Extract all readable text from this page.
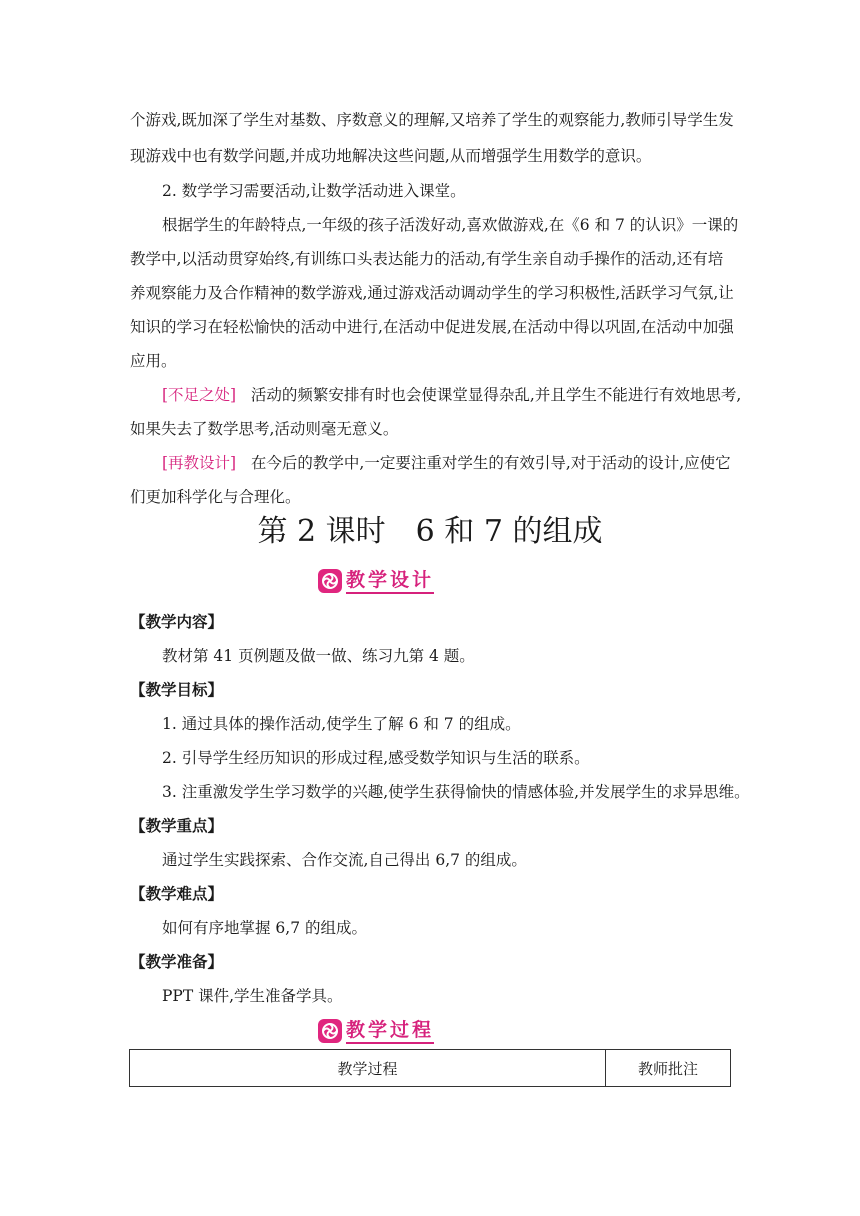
个游戏,既加深了学生对基数、序数意义的理解,又培养了学生的观察能力,教师引导学生发
现游戏中也有数学问题,并成功地解决这些问题,从而增强学生用数学的意识。
2. 数学学习需要活动,让数学活动进入课堂。
根据学生的年龄特点,一年级的孩子活泼好动,喜欢做游戏,在《6 和 7 的认识》一课的
教学中,以活动贯穿始终,有训练口头表达能力的活动,有学生亲自动手操作的活动,还有培
养观察能力及合作精神的数学游戏,通过游戏活动调动学生的学习积极性,活跃学习气氛,让
知识的学习在轻松愉快的活动中进行,在活动中促进发展,在活动中得以巩固,在活动中加强
应用。
[不足之处] 活动的频繁安排有时也会使课堂显得杂乱,并且学生不能进行有效地思考,
如果失去了数学思考,活动则毫无意义。
[再教设计] 在今后的教学中,一定要注重对学生的有效引导,对于活动的设计,应使它
们更加科学化与合理化。
第 2 课时　6 和 7 的组成
教学设计
【教学内容】
教材第 41 页例题及做一做、练习九第 4 题。
【教学目标】
1. 通过具体的操作活动,使学生了解 6 和 7 的组成。
2. 引导学生经历知识的形成过程,感受数学知识与生活的联系。
3. 注重激发学生学习数学的兴趣,使学生获得愉快的情感体验,并发展学生的求异思维。
【教学重点】
通过学生实践探索、合作交流,自己得出 6,7 的组成。
【教学难点】
如何有序地掌握 6,7 的组成。
【教学准备】
PPT 课件,学生准备学具。
教学过程
教学过程	教师批注
